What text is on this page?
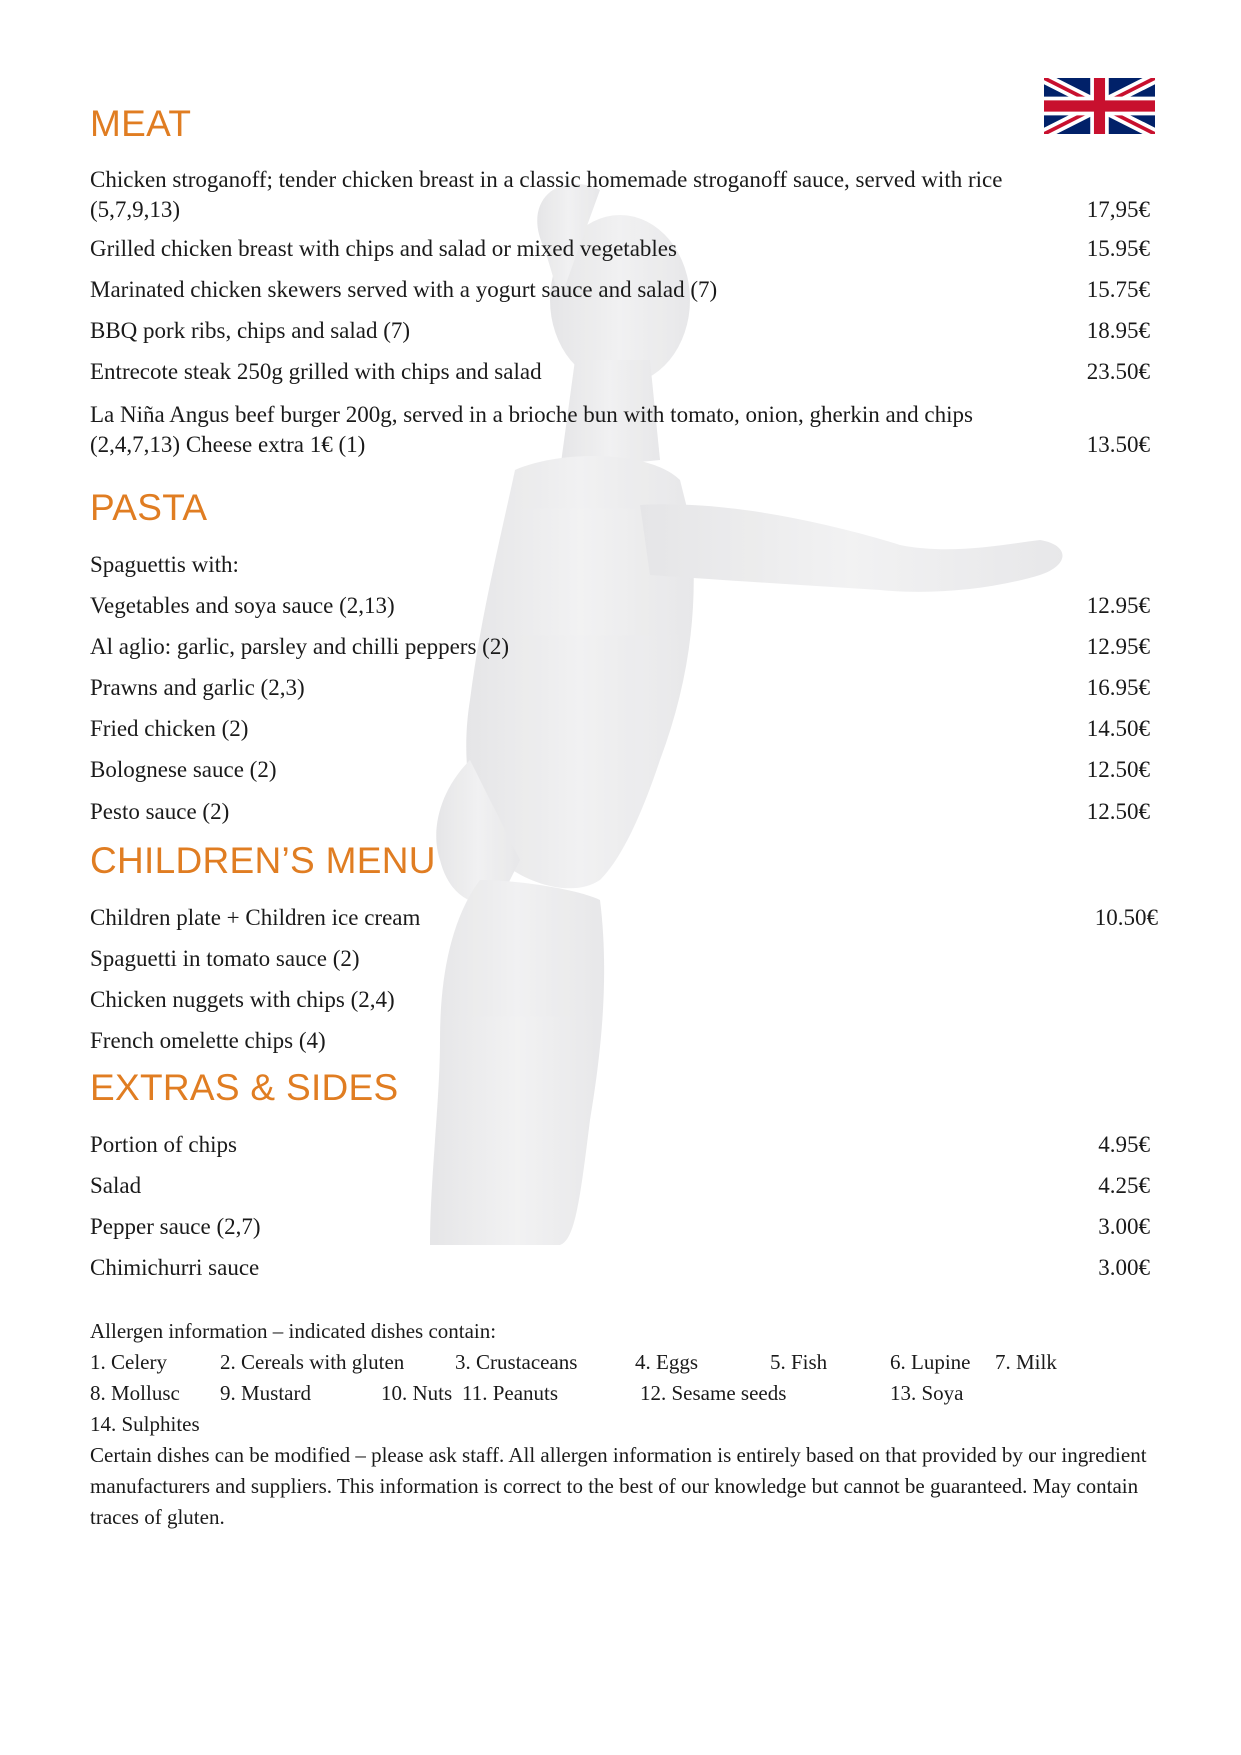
MEAT
Chicken stroganoff; tender chicken breast in a classic homemade stroganoff sauce, served with rice (5,7,9,13)	17,95€
Grilled chicken breast with chips and salad or mixed vegetables	15.95€
Marinated chicken skewers served with a yogurt sauce and salad (7)	15.75€
BBQ pork ribs, chips and salad (7)	18.95€
Entrecote steak 250g grilled with chips and salad	23.50€
La Niña Angus beef burger 200g, served in a brioche bun with tomato, onion, gherkin and chips (2,4,7,13) Cheese extra 1€ (1)	13.50€
PASTA
Spaguettis with:
Vegetables and soya sauce (2,13)	12.95€
Al aglio: garlic, parsley and chilli peppers (2)	12.95€
Prawns and garlic (2,3)	16.95€
Fried chicken (2)	14.50€
Bolognese sauce (2)	12.50€
Pesto sauce (2)	12.50€
CHILDREN’S MENU
Children plate + Children ice cream	10.50€
Spaguetti in tomato sauce (2)
Chicken nuggets with chips (2,4)
French omelette chips (4)
EXTRAS & SIDES
Portion of chips	4.95€
Salad	4.25€
Pepper sauce (2,7)	3.00€
Chimichurri sauce	3.00€
Allergen information – indicated dishes contain:
1. Celery	2. Cereals with gluten 3. Crustaceans	4. Eggs	5. Fish	6. Lupine 7. Milk
8. Mollusc 9. Mustard	10. Nuts 11. Peanuts	12. Sesame seeds	13. Soya
14. Sulphites
Certain dishes can be modified – please ask staff. All allergen information is entirely based on that provided by our ingredient manufacturers and suppliers. This information is correct to the best of our knowledge but cannot be guaranteed. May contain traces of gluten.
